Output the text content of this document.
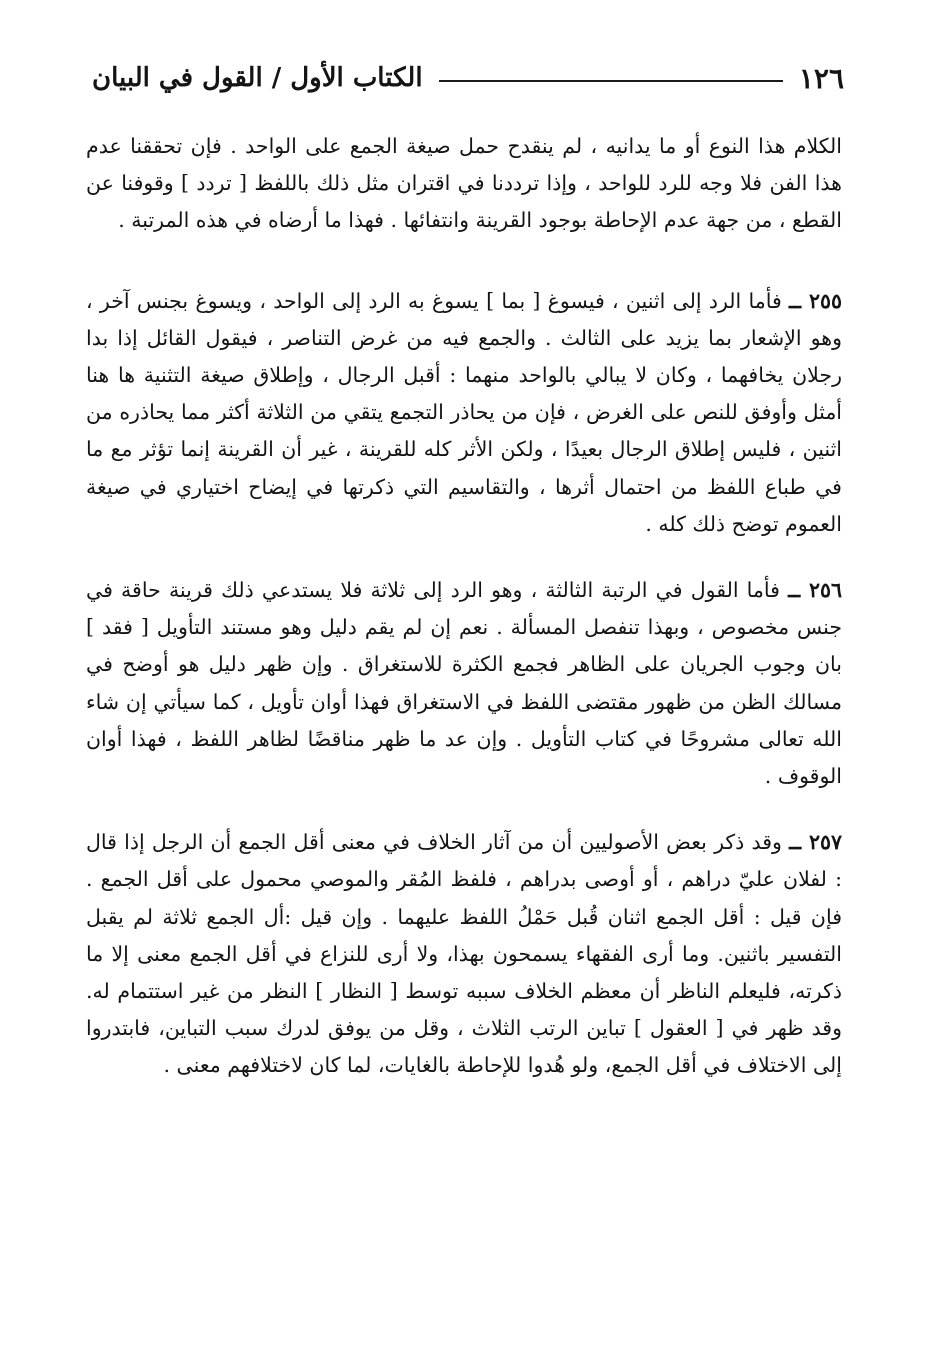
١٢٦
الكتاب الأول / القول في البيان

الكلام هذا النوع أو ما يدانيه ، لم ينقدح حمل صيغة الجمع على الواحد . فإن تحققنا عدم هذا الفن فلا وجه للرد للواحد ، وإذا ترددنا في اقتران مثل ذلك باللفظ [ تردد ] وقوفنا عن القطع ، من جهة عدم الإحاطة بوجود القرينة وانتفائها . فهذا ما أرضاه في هذه المرتبة .

٢٥٥ ــ فأما الرد إلى اثنين ، فيسوغ [ بما ] يسوغ به الرد إلى الواحد ، ويسوغ بجنس آخر ، وهو الإشعار بما يزيد على الثالث . والجمع فيه من غرض التناصر ، فيقول القائل إذا بدا رجلان يخافهما ، وكان لا يبالي بالواحد منهما : أقبل الرجال ، وإطلاق صيغة التثنية ها هنا أمثل وأوفق للنص على الغرض ، فإن من يحاذر التجمع يتقي من الثلاثة أكثر مما يحاذره من اثنين ، فليس إطلاق الرجال بعيدًا ، ولكن الأثر كله للقرينة ، غير أن القرينة إنما تؤثر مع ما في طباع اللفظ من احتمال أثرها ، والتقاسيم التي ذكرتها في إيضاح اختياري في صيغة العموم توضح ذلك كله .

٢٥٦ ــ فأما القول في الرتبة الثالثة ، وهو الرد إلى ثلاثة فلا يستدعي ذلك قرينة حاقة في جنس مخصوص ، وبهذا تنفصل المسألة . نعم إن لم يقم دليل وهو مستند التأويل [ فقد ] بان وجوب الجريان على الظاهر فجمع الكثرة للاستغراق . وإن ظهر دليل هو أوضح في مسالك الظن من ظهور مقتضى اللفظ في الاستغراق فهذا أوان تأويل ، كما سيأتي إن شاء الله تعالى مشروحًا في كتاب التأويل . وإن عد ما ظهر مناقضًا لظاهر اللفظ ، فهذا أوان الوقوف .

٢٥٧ ــ وقد ذكر بعض الأصوليين أن من آثار الخلاف في معنى أقل الجمع أن الرجل إذا قال : لفلان عليّ دراهم ، أو أوصى بدراهم ، فلفظ المُقر والموصي محمول على أقل الجمع . فإن قيل : أقل الجمع اثنان قُبل حَمْلُ اللفظ عليهما . وإن قيل :أل الجمع ثلاثة لم يقبل التفسير باثنين. وما أرى الفقهاء يسمحون بهذا، ولا أرى للنزاع في أقل الجمع معنى إلا ما ذكرته، فليعلم الناظر أن معظم الخلاف سببه توسط [ النظار ] النظر من غير استتمام له. وقد ظهر في [ العقول ] تباين الرتب الثلاث ، وقل من يوفق لدرك سبب التباين، فابتدروا إلى الاختلاف في أقل الجمع، ولو هُدوا للإحاطة بالغايات، لما كان لاختلافهم معنى .
